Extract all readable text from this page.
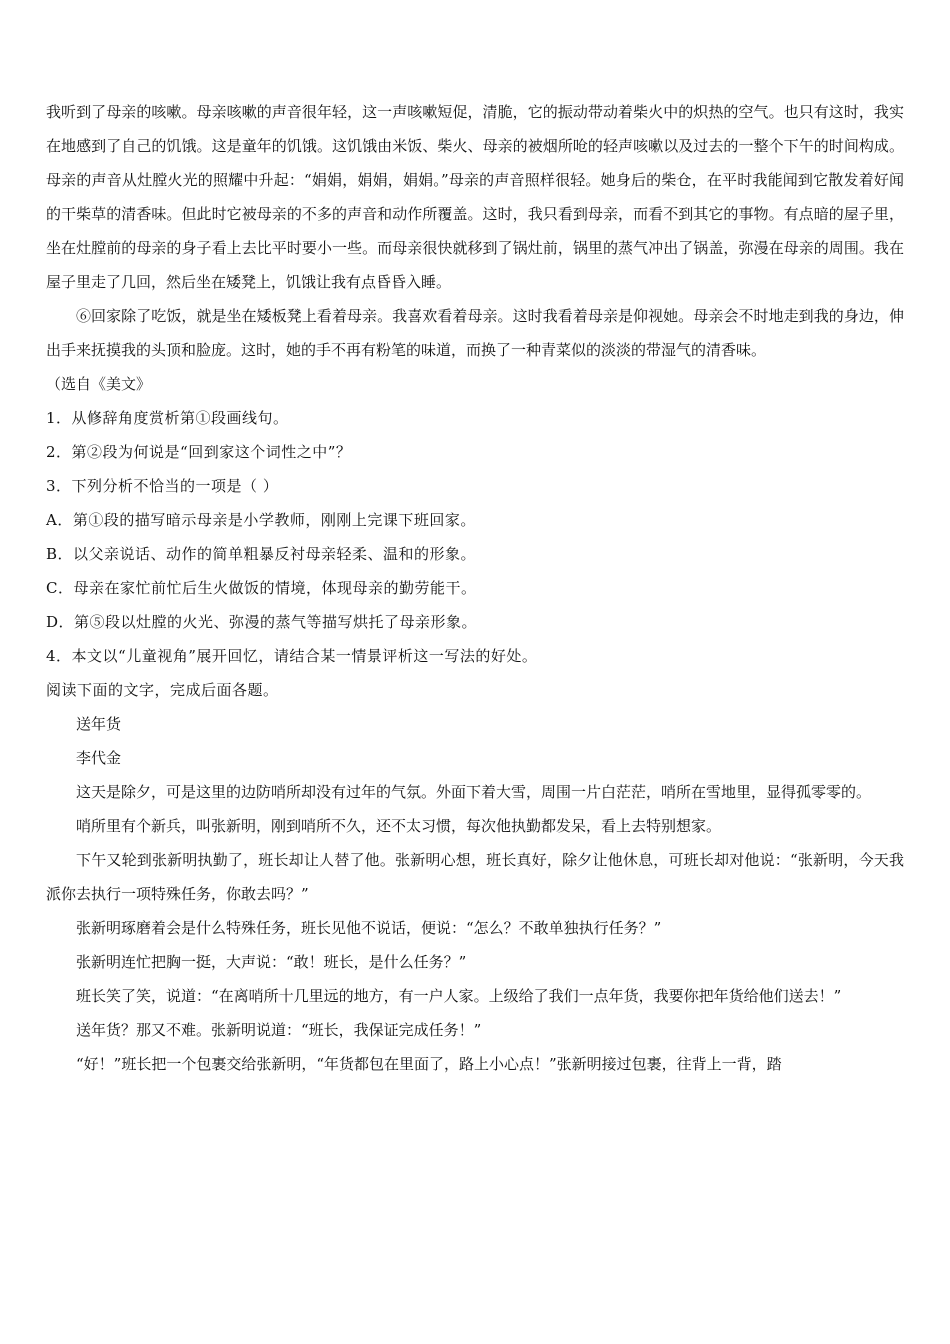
我听到了母亲的咳嗽。母亲咳嗽的声音很年轻，这一声咳嗽短促，清脆，它的振动带动着柴火中的炽热的空气。也只有这时，我实在地感到了自己的饥饿。这是童年的饥饿。这饥饿由米饭、柴火、母亲的被烟所呛的轻声咳嗽以及过去的一整个下午的时间构成。母亲的声音从灶膛火光的照耀中升起：“娟娟，娟娟，娟娟。”母亲的声音照样很轻。她身后的柴仓，在平时我能闻到它散发着好闻的干柴草的清香味。但此时它被母亲的不多的声音和动作所覆盖。这时，我只看到母亲，而看不到其它的事物。有点暗的屋子里，坐在灶膛前的母亲的身子看上去比平时要小一些。而母亲很快就移到了锅灶前，锅里的蒸气冲出了锅盖，弥漫在母亲的周围。我在屋子里走了几回，然后坐在矮凳上，饥饿让我有点昏昏入睡。

⑥回家除了吃饭，就是坐在矮板凳上看着母亲。我喜欢看着母亲。这时我看着母亲是仰视她。母亲会不时地走到我的身边，伸出手来抚摸我的头顶和脸庞。这时，她的手不再有粉笔的味道，而换了一种青菜似的淡淡的带湿气的清香味。

（选自《美文》

1．从修辞角度赏析第①段画线句。

2．第②段为何说是“回到家这个词性之中”？

3．下列分析不恰当的一项是（ ）

A．第①段的描写暗示母亲是小学教师，刚刚上完课下班回家。

B．以父亲说话、动作的简单粗暴反衬母亲轻柔、温和的形象。

C．母亲在家忙前忙后生火做饭的情境，体现母亲的勤劳能干。

D．第⑤段以灶膛的火光、弥漫的蒸气等描写烘托了母亲形象。

4．本文以“儿童视角”展开回忆，请结合某一情景评析这一写法的好处。

阅读下面的文字，完成后面各题。

送年货

李代金

这天是除夕，可是这里的边防哨所却没有过年的气氛。外面下着大雪，周围一片白茫茫，哨所在雪地里，显得孤零零的。

哨所里有个新兵，叫张新明，刚到哨所不久，还不太习惯，每次他执勤都发呆，看上去特别想家。

下午又轮到张新明执勤了，班长却让人替了他。张新明心想，班长真好，除夕让他休息，可班长却对他说：“张新明，今天我派你去执行一项特殊任务，你敢去吗？”

张新明琢磨着会是什么特殊任务，班长见他不说话，便说：“怎么？不敢单独执行任务？”

张新明连忙把胸一挺，大声说：“敢！班长，是什么任务？”

班长笑了笑，说道：“在离哨所十几里远的地方，有一户人家。上级给了我们一点年货，我要你把年货给他们送去！”

送年货？那又不难。张新明说道：“班长，我保证完成任务！”

“好！”班长把一个包裹交给张新明，“年货都包在里面了，路上小心点！”张新明接过包裹，往背上一背，踏
